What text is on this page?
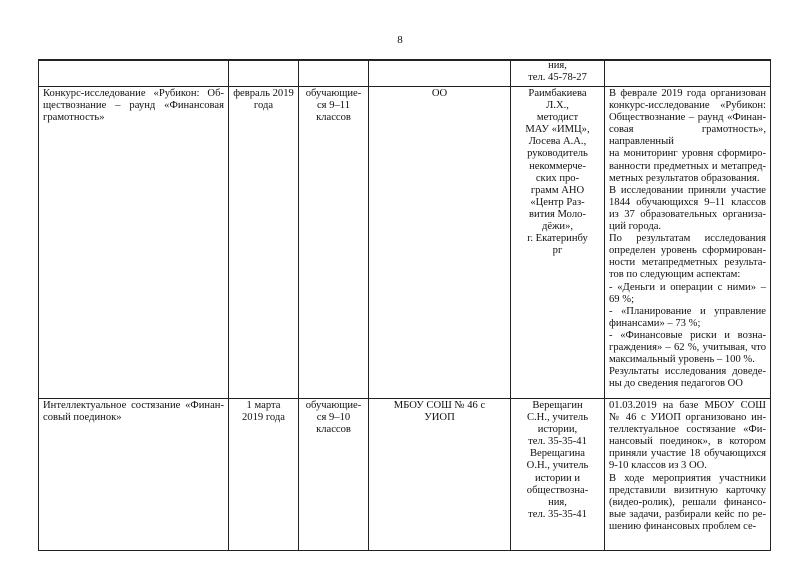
8

ния,
тел. 45-78-27

Конкурс-исследование «Рубикон: Об-
ществознание – раунд «Финансовая
грамотность»
февраль 2019
года
обучающие-
ся 9–11
классов
ОО	Раимбакиева
Л.Х.,
методист
МАУ «ИМЦ»,
Лосева А.А.,
руководитель
некоммерче-
ских про-
грамм АНО
«Центр Раз-
вития Моло-
дёжи»,
г. Екатеринбу
рг
В феврале 2019 года организован
конкурс-исследование «Рубикон:
Обществознание – раунд «Финан-
совая грамотность», направленный
на мониторинг уровня сформиро-
ванности предметных и метапред-
метных результатов образования.
В исследовании приняли участие
1844 обучающихся 9–11 классов
из 37 образовательных организа-
ций города.
По результатам исследования
определен уровень сформирован-
ности метапредметных результа-
тов по следующим аспектам:
- «Деньги и операции с ними» –
69 %;
- «Планирование и управление
финансами» – 73 %;
- «Финансовые риски и возна-
граждения» – 62 %, учитывая, что
максимальный уровень – 100 %.
Результаты исследования доведе-
ны до сведения педагогов ОО
Интеллектуальное состязание «Финан-
совый поединок»
1 марта
2019 года
обучающие-
ся 9–10
классов
МБОУ СОШ № 46 с
УИОП
Верещагин
С.Н., учитель
истории,
тел. 35-35-41
Верещагина
О.Н., учитель
истории и
обществозна-
ния,
тел. 35-35-41
01.03.2019 на базе МБОУ СОШ
№ 46 с УИОП организовано ин-
теллектуальное состязание «Фи-
нансовый поединок», в котором
приняли участие 18 обучающихся
9-10 классов из 3 ОО.
В ходе мероприятия участники
представили визитную карточку
(видео-ролик), решали финансо-
вые задачи, разбирали кейс по ре-
шению финансовых проблем се-
